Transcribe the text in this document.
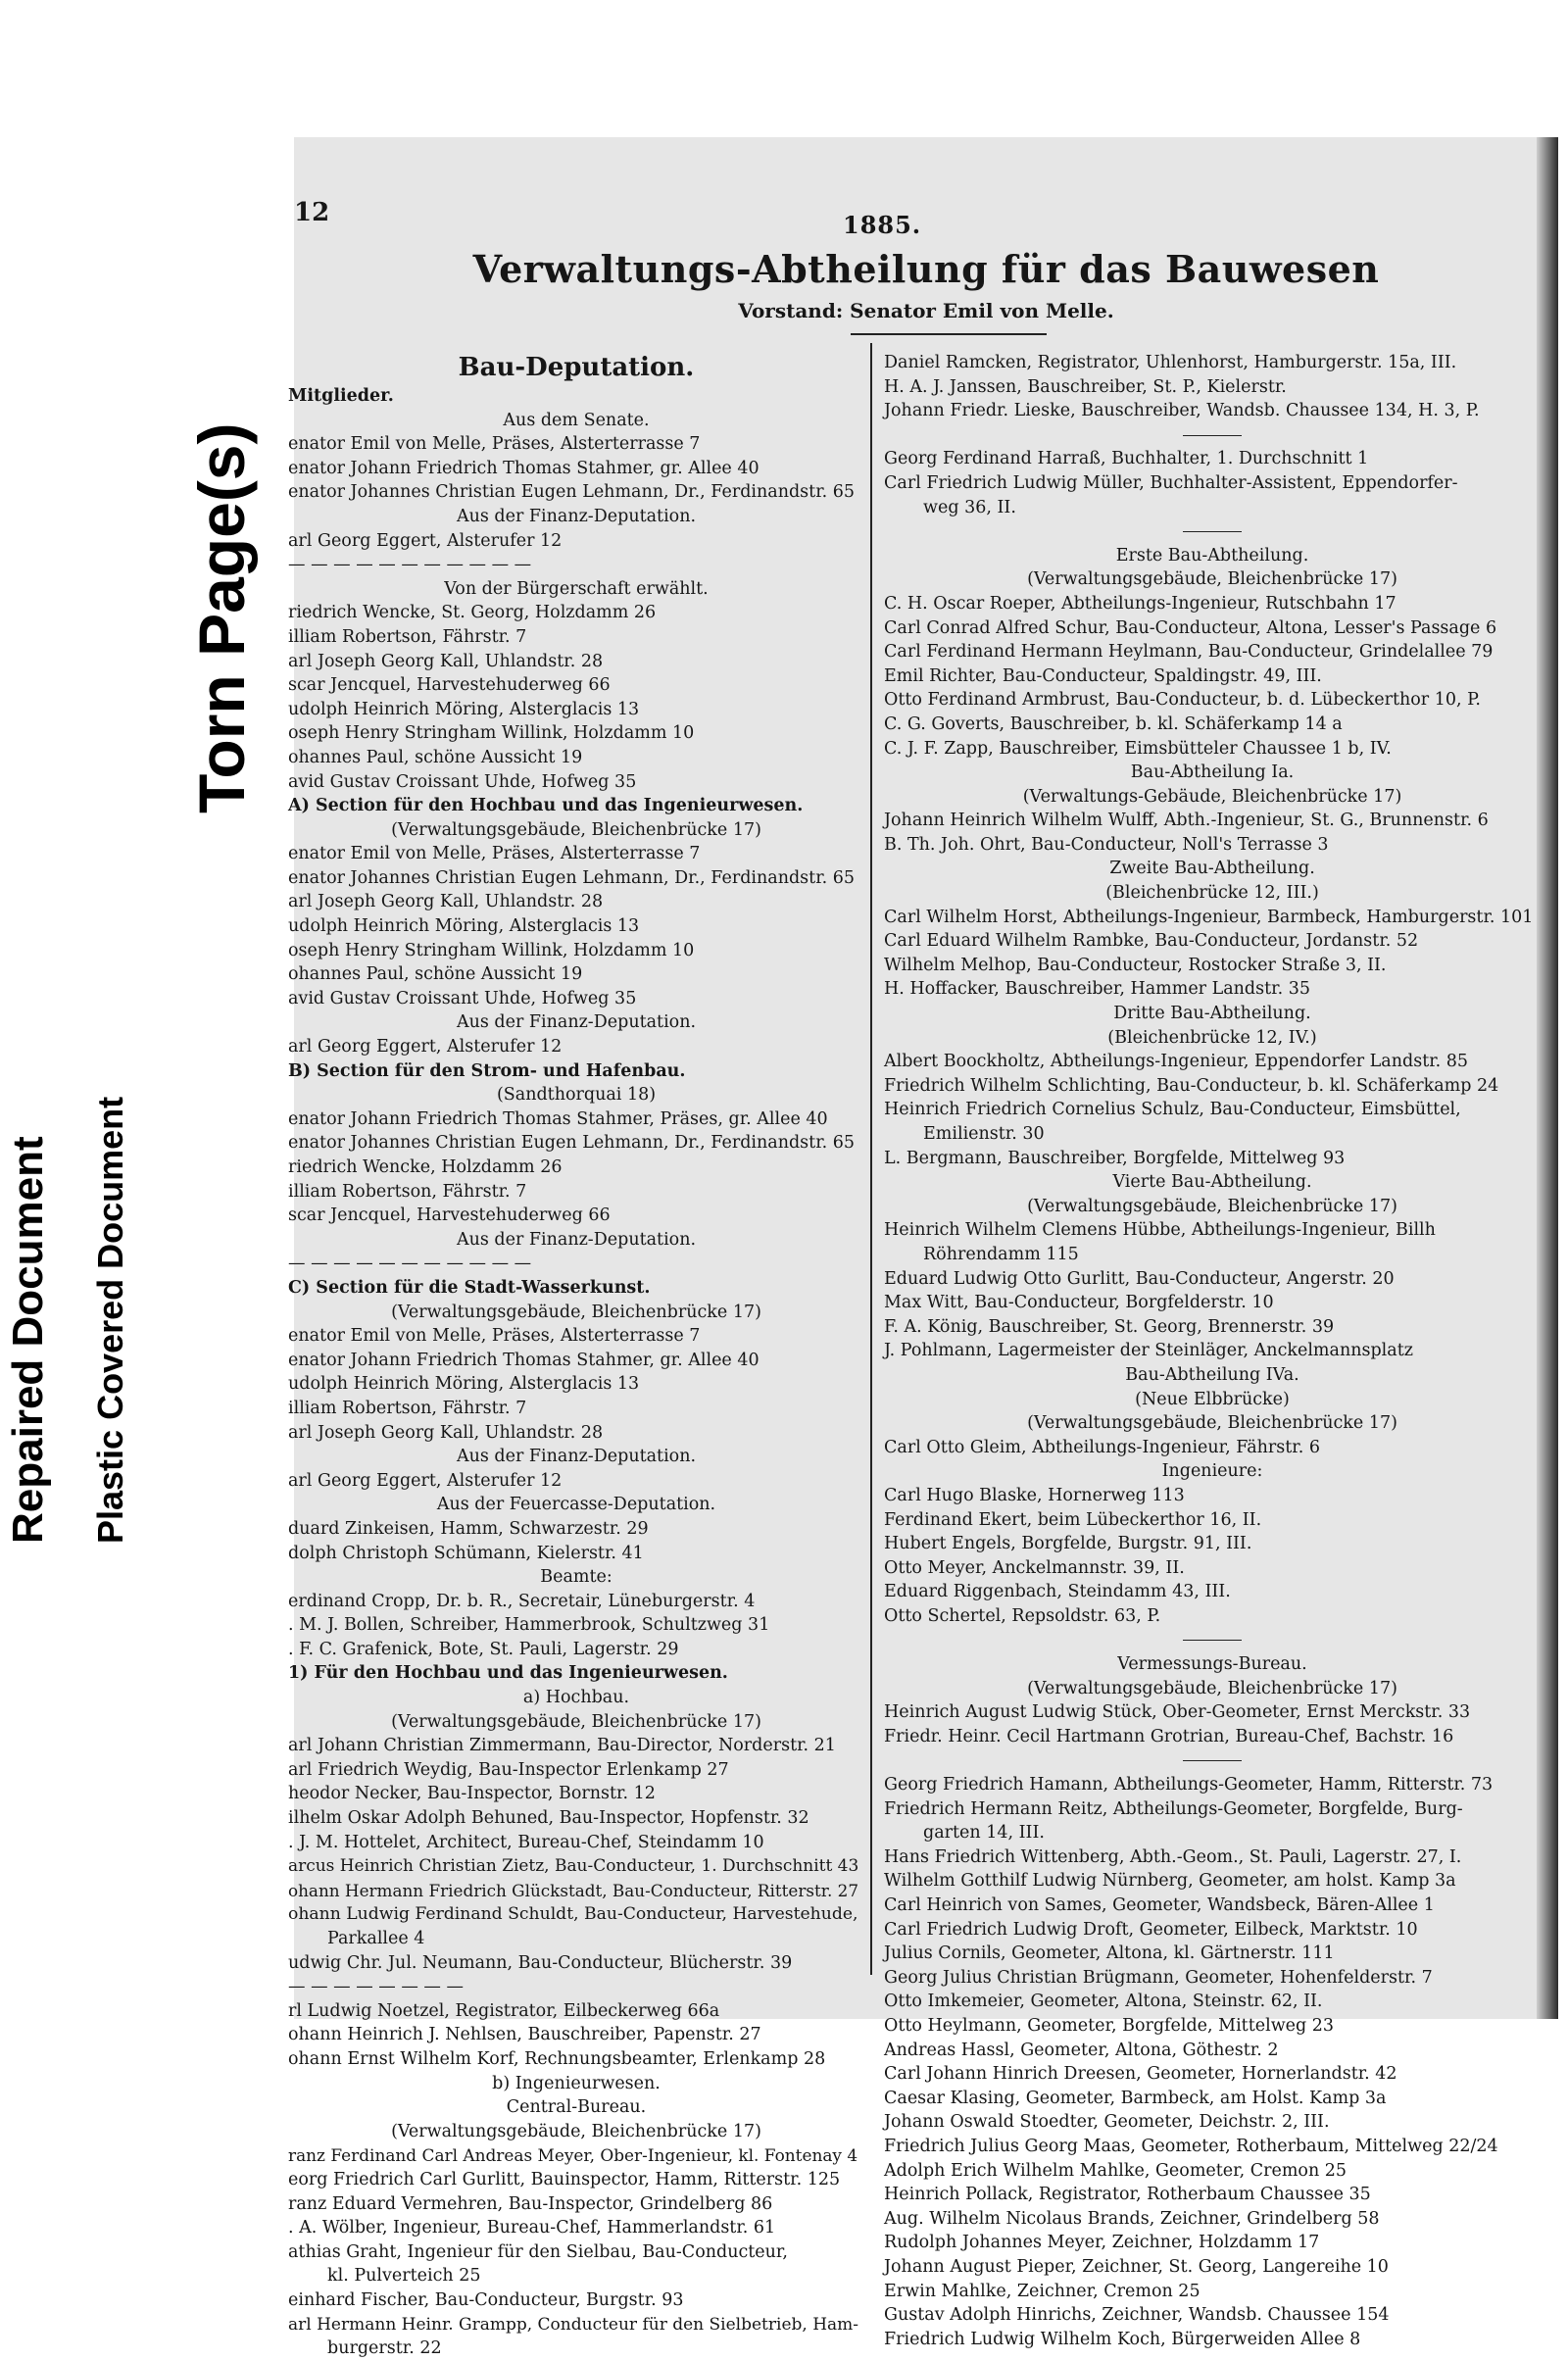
Torn Page(s)
Repaired Document Plastic Covered Document
12	1885.
Verwaltungs-Abtheilung für das Bauwesen
Vorstand: Senator Emil von Melle.
Bau-Deputation.
Mitglieder.
Aus dem Senate.
enator Emil von Melle, Präses, Alsterterrasse 7
enator Johann Friedrich Thomas Stahmer, gr. Allee 40
enator Johannes Christian Eugen Lehmann, Dr., Ferdinandstr. 65
Aus der Finanz-Deputation.
arl Georg Eggert, Alsterufer 12
— — — — — — — — — — —
Von der Bürgerschaft erwählt.
riedrich Wencke, St. Georg, Holzdamm 26
illiam Robertson, Fährstr. 7
arl Joseph Georg Kall, Uhlandstr. 28
scar Jencquel, Harvestehuderweg 66
udolph Heinrich Möring, Alsterglacis 13
oseph Henry Stringham Willink, Holzdamm 10
ohannes Paul, schöne Aussicht 19
avid Gustav Croissant Uhde, Hofweg 35
A) Section für den Hochbau und das Ingenieurwesen.
(Verwaltungsgebäude, Bleichenbrücke 17)
enator Emil von Melle, Präses, Alsterterrasse 7
enator Johannes Christian Eugen Lehmann, Dr., Ferdinandstr. 65
arl Joseph Georg Kall, Uhlandstr. 28
udolph Heinrich Möring, Alsterglacis 13
oseph Henry Stringham Willink, Holzdamm 10
ohannes Paul, schöne Aussicht 19
avid Gustav Croissant Uhde, Hofweg 35
Aus der Finanz-Deputation.
arl Georg Eggert, Alsterufer 12
B) Section für den Strom- und Hafenbau.
(Sandthorquai 18)
enator Johann Friedrich Thomas Stahmer, Präses, gr. Allee 40
enator Johannes Christian Eugen Lehmann, Dr., Ferdinandstr. 65
riedrich Wencke, Holzdamm 26
illiam Robertson, Fährstr. 7
scar Jencquel, Harvestehuderweg 66
Aus der Finanz-Deputation.
— — — — — — — — — — —
C) Section für die Stadt-Wasserkunst.
(Verwaltungsgebäude, Bleichenbrücke 17)
enator Emil von Melle, Präses, Alsterterrasse 7
enator Johann Friedrich Thomas Stahmer, gr. Allee 40
udolph Heinrich Möring, Alsterglacis 13
illiam Robertson, Fährstr. 7
arl Joseph Georg Kall, Uhlandstr. 28
Aus der Finanz-Deputation.
arl Georg Eggert, Alsterufer 12
Aus der Feuercasse-Deputation.
duard Zinkeisen, Hamm, Schwarzestr. 29
dolph Christoph Schümann, Kielerstr. 41
Beamte:
erdinand Cropp, Dr. b. R., Secretair, Lüneburgerstr. 4
. M. J. Bollen, Schreiber, Hammerbrook, Schultzweg 31
. F. C. Grafenick, Bote, St. Pauli, Lagerstr. 29
1) Für den Hochbau und das Ingenieurwesen.
a) Hochbau.
(Verwaltungsgebäude, Bleichenbrücke 17)
arl Johann Christian Zimmermann, Bau-Director, Norderstr. 21
arl Friedrich Weydig, Bau-Inspector Erlenkamp 27
heodor Necker, Bau-Inspector, Bornstr. 12
ilhelm Oskar Adolph Behuned, Bau-Inspector, Hopfenstr. 32
. J. M. Hottelet, Architect, Bureau-Chef, Steindamm 10
arcus Heinrich Christian Zietz, Bau-Conducteur, 1. Durchschnitt 43
ohann Hermann Friedrich Glückstadt, Bau-Conducteur, Ritterstr. 27
ohann Ludwig Ferdinand Schuldt, Bau-Conducteur, Harvestehude,
Parkallee 4
udwig Chr. Jul. Neumann, Bau-Conducteur, Blücherstr. 39
— — — — — — — —
rl Ludwig Noetzel, Registrator, Eilbeckerweg 66a
ohann Heinrich J. Nehlsen, Bauschreiber, Papenstr. 27
ohann Ernst Wilhelm Korf, Rechnungsbeamter, Erlenkamp 28
b) Ingenieurwesen.
Central-Bureau.
(Verwaltungsgebäude, Bleichenbrücke 17)
ranz Ferdinand Carl Andreas Meyer, Ober-Ingenieur, kl. Fontenay 4
eorg Friedrich Carl Gurlitt, Bauinspector, Hamm, Ritterstr. 125
ranz Eduard Vermehren, Bau-Inspector, Grindelberg 86
. A. Wölber, Ingenieur, Bureau-Chef, Hammerlandstr. 61
athias Graht, Ingenieur für den Sielbau, Bau-Conducteur,
kl. Pulverteich 25
einhard Fischer, Bau-Conducteur, Burgstr. 93
arl Hermann Heinr. Grampp, Conducteur für den Sielbetrieb, Ham-
burgerstr. 22
Daniel Ramcken, Registrator, Uhlenhorst, Hamburgerstr. 15a, III.
H. A. J. Janssen, Bauschreiber, St. P., Kielerstr.
Johann Friedr. Lieske, Bauschreiber, Wandsb. Chaussee 134, H. 3, P.
Georg Ferdinand Harraß, Buchhalter, 1. Durchschnitt 1
Carl Friedrich Ludwig Müller, Buchhalter-Assistent, Eppendorfer-
weg 36, II.
Erste Bau-Abtheilung.
(Verwaltungsgebäude, Bleichenbrücke 17)
C. H. Oscar Roeper, Abtheilungs-Ingenieur, Rutschbahn 17
Carl Conrad Alfred Schur, Bau-Conducteur, Altona, Lesser's Passage 6
Carl Ferdinand Hermann Heylmann, Bau-Conducteur, Grindelallee 79
Emil Richter, Bau-Conducteur, Spaldingstr. 49, III.
Otto Ferdinand Armbrust, Bau-Conducteur, b. d. Lübeckerthor 10, P.
C. G. Goverts, Bauschreiber, b. kl. Schäferkamp 14 a
C. J. F. Zapp, Bauschreiber, Eimsbütteler Chaussee 1 b, IV.
Bau-Abtheilung Ia.
(Verwaltungs-Gebäude, Bleichenbrücke 17)
Johann Heinrich Wilhelm Wulff, Abth.-Ingenieur, St. G., Brunnenstr. 6
B. Th. Joh. Ohrt, Bau-Conducteur, Noll's Terrasse 3
Zweite Bau-Abtheilung.
(Bleichenbrücke 12, III.)
Carl Wilhelm Horst, Abtheilungs-Ingenieur, Barmbeck, Hamburgerstr. 101
Carl Eduard Wilhelm Rambke, Bau-Conducteur, Jordanstr. 52
Wilhelm Melhop, Bau-Conducteur, Rostocker Straße 3, II.
H. Hoffacker, Bauschreiber, Hammer Landstr. 35
Dritte Bau-Abtheilung.
(Bleichenbrücke 12, IV.)
Albert Boockholtz, Abtheilungs-Ingenieur, Eppendorfer Landstr. 85
Friedrich Wilhelm Schlichting, Bau-Conducteur, b. kl. Schäferkamp 24
Heinrich Friedrich Cornelius Schulz, Bau-Conducteur, Eimsbüttel,
Emilienstr. 30
L. Bergmann, Bauschreiber, Borgfelde, Mittelweg 93
Vierte Bau-Abtheilung.
(Verwaltungsgebäude, Bleichenbrücke 17)
Heinrich Wilhelm Clemens Hübbe, Abtheilungs-Ingenieur, Billh
Röhrendamm 115
Eduard Ludwig Otto Gurlitt, Bau-Conducteur, Angerstr. 20
Max Witt, Bau-Conducteur, Borgfelderstr. 10
F. A. König, Bauschreiber, St. Georg, Brennerstr. 39
J. Pohlmann, Lagermeister der Steinläger, Anckelmannsplatz
Bau-Abtheilung IVa.
(Neue Elbbrücke)
(Verwaltungsgebäude, Bleichenbrücke 17)
Carl Otto Gleim, Abtheilungs-Ingenieur, Fährstr. 6
Ingenieure:
Carl Hugo Blaske, Hornerweg 113
Ferdinand Ekert, beim Lübeckerthor 16, II.
Hubert Engels, Borgfelde, Burgstr. 91, III.
Otto Meyer, Anckelmannstr. 39, II.
Eduard Riggenbach, Steindamm 43, III.
Otto Schertel, Repsoldstr. 63, P.
Vermessungs-Bureau.
(Verwaltungsgebäude, Bleichenbrücke 17)
Heinrich August Ludwig Stück, Ober-Geometer, Ernst Merckstr. 33
Friedr. Heinr. Cecil Hartmann Grotrian, Bureau-Chef, Bachstr. 16
Georg Friedrich Hamann, Abtheilungs-Geometer, Hamm, Ritterstr. 73
Friedrich Hermann Reitz, Abtheilungs-Geometer, Borgfelde, Burg-
garten 14, III.
Hans Friedrich Wittenberg, Abth.-Geom., St. Pauli, Lagerstr. 27, I.
Wilhelm Gotthilf Ludwig Nürnberg, Geometer, am holst. Kamp 3a
Carl Heinrich von Sames, Geometer, Wandsbeck, Bären-Allee 1
Carl Friedrich Ludwig Droft, Geometer, Eilbeck, Marktstr. 10
Julius Cornils, Geometer, Altona, kl. Gärtnerstr. 111
Georg Julius Christian Brügmann, Geometer, Hohenfelderstr. 7
Otto Imkemeier, Geometer, Altona, Steinstr. 62, II.
Otto Heylmann, Geometer, Borgfelde, Mittelweg 23
Andreas Hassl, Geometer, Altona, Göthestr. 2
Carl Johann Hinrich Dreesen, Geometer, Hornerlandstr. 42
Caesar Klasing, Geometer, Barmbeck, am Holst. Kamp 3a
Johann Oswald Stoedter, Geometer, Deichstr. 2, III.
Friedrich Julius Georg Maas, Geometer, Rotherbaum, Mittelweg 22/24
Adolph Erich Wilhelm Mahlke, Geometer, Cremon 25
Heinrich Pollack, Registrator, Rotherbaum Chaussee 35
Aug. Wilhelm Nicolaus Brands, Zeichner, Grindelberg 58
Rudolph Johannes Meyer, Zeichner, Holzdamm 17
Johann August Pieper, Zeichner, St. Georg, Langereihe 10
Erwin Mahlke, Zeichner, Cremon 25
Gustav Adolph Hinrichs, Zeichner, Wandsb. Chaussee 154
Friedrich Ludwig Wilhelm Koch, Bürgerweiden Allee 8
